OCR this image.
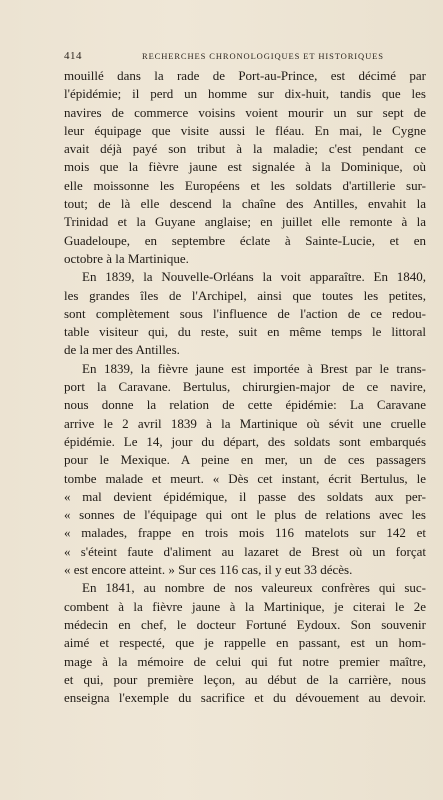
414	RECHERCHES CHRONOLOGIQUES ET HISTORIQUES
mouillé dans la rade de Port-au-Prince, est décimé par
l'épidémie; il perd un homme sur dix-huit, tandis que les
navires de commerce voisins voient mourir un sur sept de
leur équipage que visite aussi le fléau. En mai, le Cygne
avait déjà payé son tribut à la maladie; c'est pendant ce
mois que la fièvre jaune est signalée à la Dominique, où
elle moissonne les Européens et les soldats d'artillerie sur-
tout; de là elle descend la chaîne des Antilles, envahit la
Trinidad et la Guyane anglaise; en juillet elle remonte à la
Guadeloupe, en septembre éclate à Sainte-Lucie, et en
octobre à la Martinique.
En 1839, la Nouvelle-Orléans la voit apparaître. En 1840,
les grandes îles de l'Archipel, ainsi que toutes les petites,
sont complètement sous l'influence de l'action de ce redou-
table visiteur qui, du reste, suit en même temps le littoral
de la mer des Antilles.
En 1839, la fièvre jaune est importée à Brest par le trans-
port la Caravane. Bertulus, chirurgien-major de ce navire,
nous donne la relation de cette épidémie: La Caravane
arrive le 2 avril 1839 à la Martinique où sévit une cruelle
épidémie. Le 14, jour du départ, des soldats sont embarqués
pour le Mexique. A peine en mer, un de ces passagers
tombe malade et meurt. « Dès cet instant, écrit Bertulus, le
« mal devient épidémique, il passe des soldats aux per-
« sonnes de l'équipage qui ont le plus de relations avec les
« malades, frappe en trois mois 116 matelots sur 142 et
« s'éteint faute d'aliment au lazaret de Brest où un forçat
« est encore atteint. » Sur ces 116 cas, il y eut 33 décès.
En 1841, au nombre de nos valeureux confrères qui suc-
combent à la fièvre jaune à la Martinique, je citerai le 2e
médecin en chef, le docteur Fortuné Eydoux. Son souvenir
aimé et respecté, que je rappelle en passant, est un hom-
mage à la mémoire de celui qui fut notre premier maître,
et qui, pour première leçon, au début de la carrière, nous
enseigna l'exemple du sacrifice et du dévouement au devoir.
